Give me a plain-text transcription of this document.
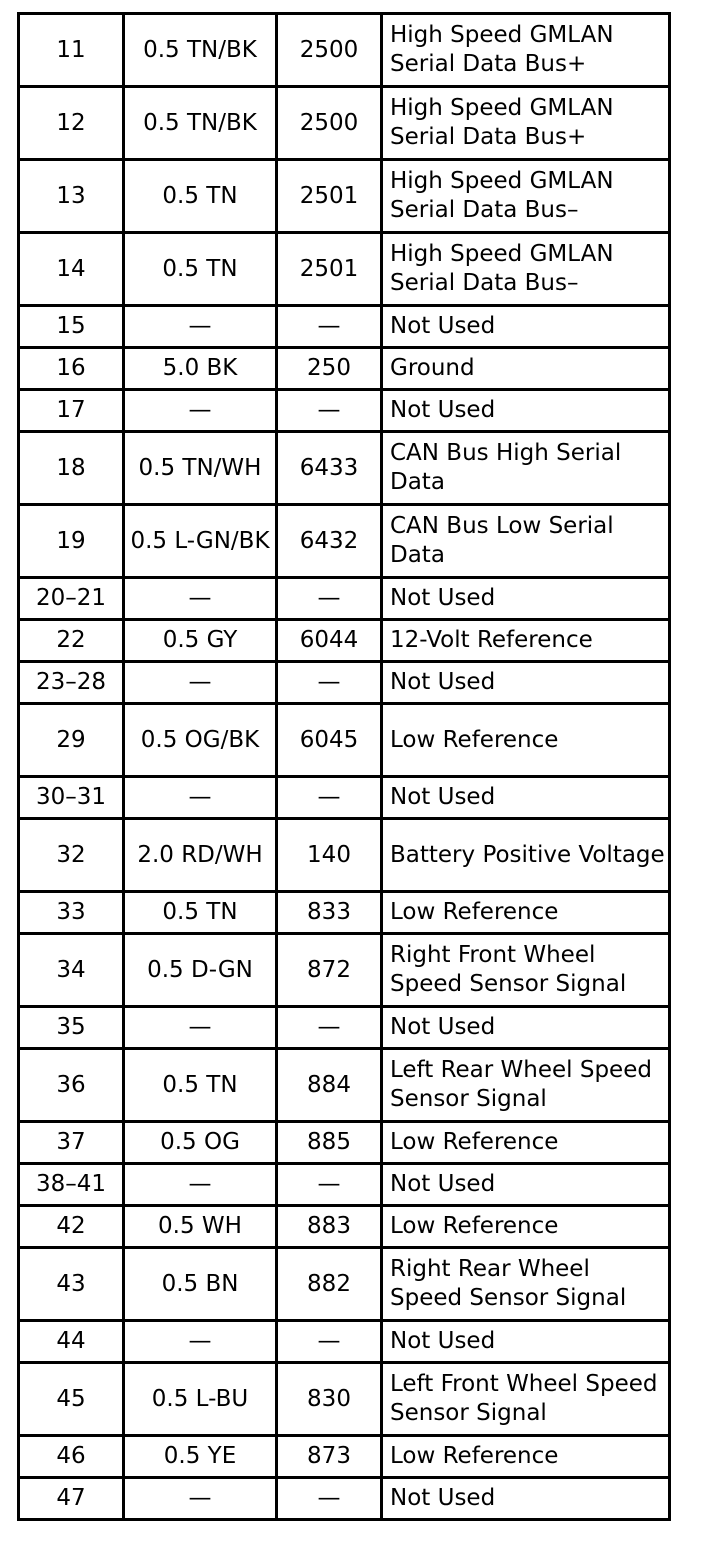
11	0.5 TN/BK	2500	High Speed GMLAN Serial Data Bus+
12	0.5 TN/BK	2500	High Speed GMLAN Serial Data Bus+
13	0.5 TN	2501	High Speed GMLAN Serial Data Bus–
14	0.5 TN	2501	High Speed GMLAN Serial Data Bus–
15	—	—	Not Used
16	5.0 BK	250	Ground
17	—	—	Not Used
18	0.5 TN/WH	6433	CAN Bus High Serial Data
19	0.5 L-GN/BK	6432	CAN Bus Low Serial Data
20–21	—	—	Not Used
22	0.5 GY	6044	12-Volt Reference
23–28	—	—	Not Used
29	0.5 OG/BK	6045	Low Reference
30–31	—	—	Not Used
32	2.0 RD/WH	140	Battery Positive Voltage
33	0.5 TN	833	Low Reference
34	0.5 D-GN	872	Right Front Wheel Speed Sensor Signal
35	—	—	Not Used
36	0.5 TN	884	Left Rear Wheel Speed Sensor Signal
37	0.5 OG	885	Low Reference
38–41	—	—	Not Used
42	0.5 WH	883	Low Reference
43	0.5 BN	882	Right Rear Wheel Speed Sensor Signal
44	—	—	Not Used
45	0.5 L-BU	830	Left Front Wheel Speed Sensor Signal
46	0.5 YE	873	Low Reference
47	—	—	Not Used
